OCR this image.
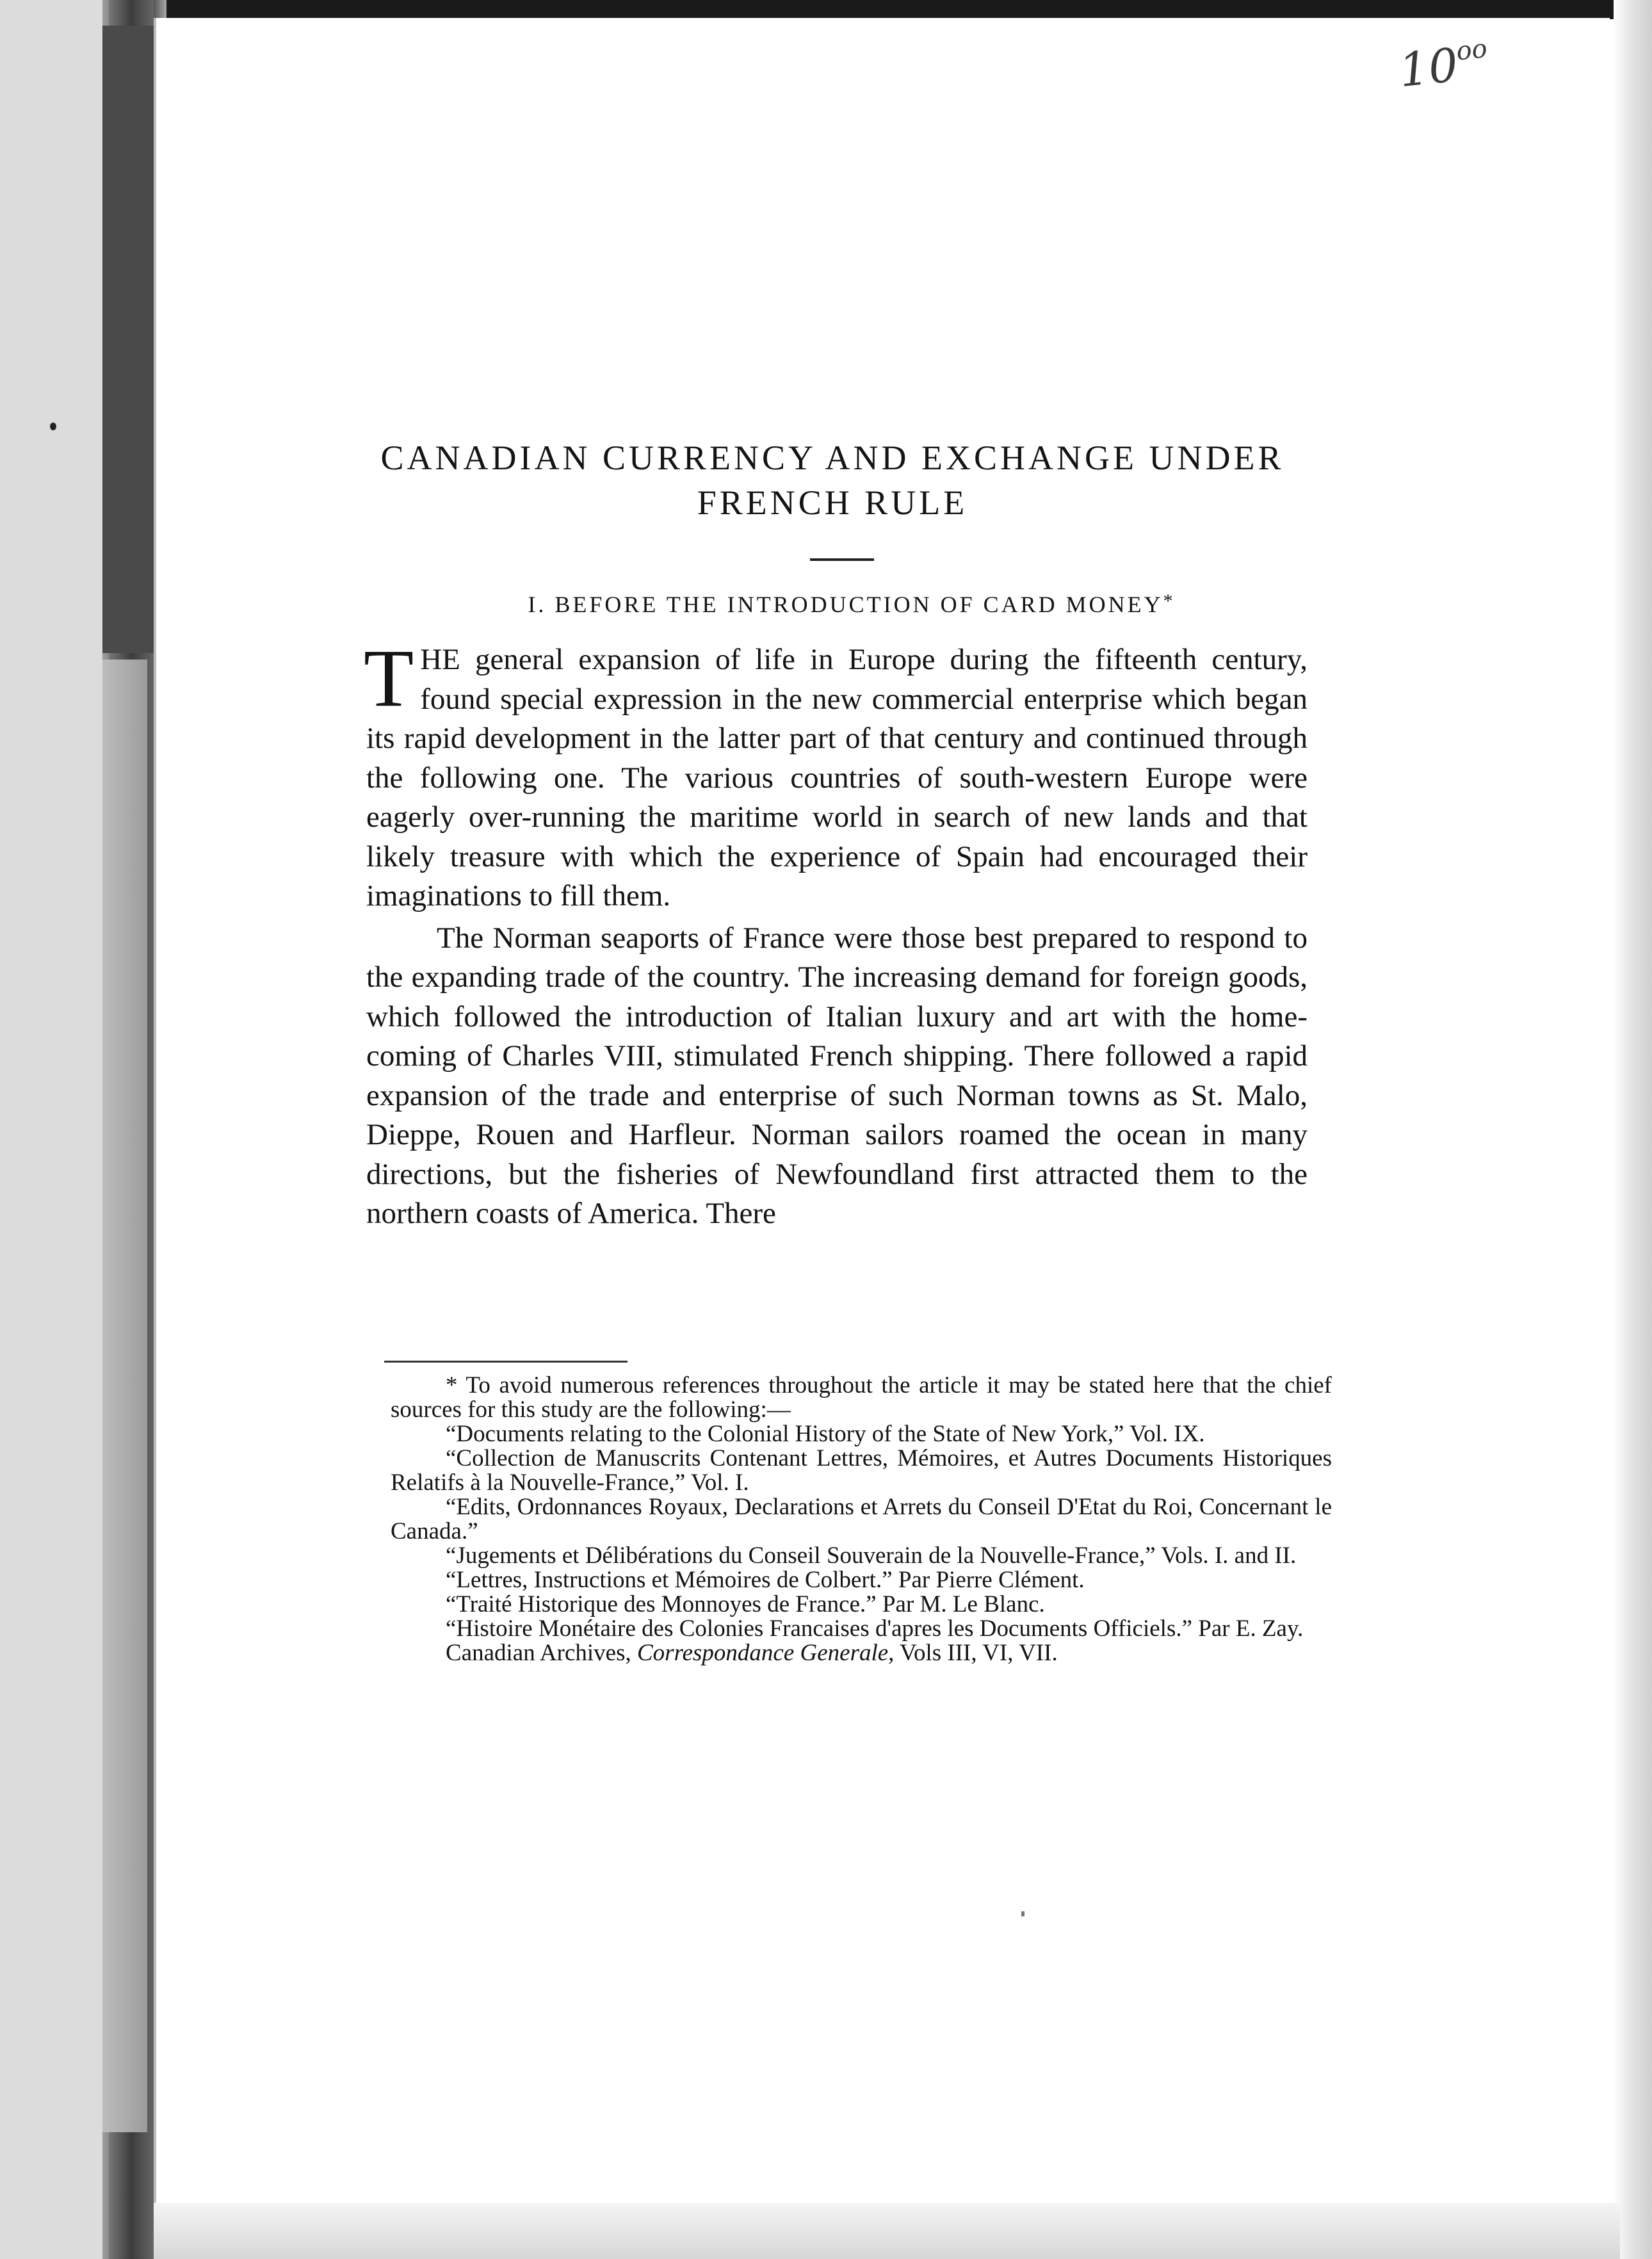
$10^{oo}$
CANADIAN CURRENCY AND EXCHANGE UNDER FRENCH RULE
I. BEFORE THE INTRODUCTION OF CARD MONEY*

THE general expansion of life in Europe during the fifteenth century, found special expression in the new commercial enterprise which began its rapid development in the latter part of that century and continued through the following one. The various countries of south-western Europe were eagerly over-running the maritime world in search of new lands and that likely treasure with which the experience of Spain had encouraged their imaginations to fill them.

The Norman seaports of France were those best prepared to respond to the expanding trade of the country. The increasing demand for foreign goods, which followed the introduction of Italian luxury and art with the home-coming of Charles VIII, stimulated French shipping. There followed a rapid expansion of the trade and enterprise of such Norman towns as St. Malo, Dieppe, Rouen and Harfleur. Norman sailors roamed the ocean in many directions, but the fisheries of Newfoundland first attracted them to the northern coasts of America. There

* To avoid numerous references throughout the article it may be stated here that the chief sources for this study are the following:—

“Documents relating to the Colonial History of the State of New York,” Vol. IX.

“Collection de Manuscrits Contenant Lettres, Mémoires, et Autres Documents Historiques Relatifs à la Nouvelle-France,” Vol. I.

“Edits, Ordonnances Royaux, Declarations et Arrets du Conseil D'Etat du Roi, Concernant le Canada.”

“Jugements et Délibérations du Conseil Souverain de la Nouvelle-France,” Vols. I. and II.

“Lettres, Instructions et Mémoires de Colbert.” Par Pierre Clément.

“Traité Historique des Monnoyes de France.” Par M. Le Blanc.

“Histoire Monétaire des Colonies Francaises d'apres les Documents Officiels.” Par E. Zay.

Canadian Archives, Correspondance Generale, Vols III, VI, VII.
